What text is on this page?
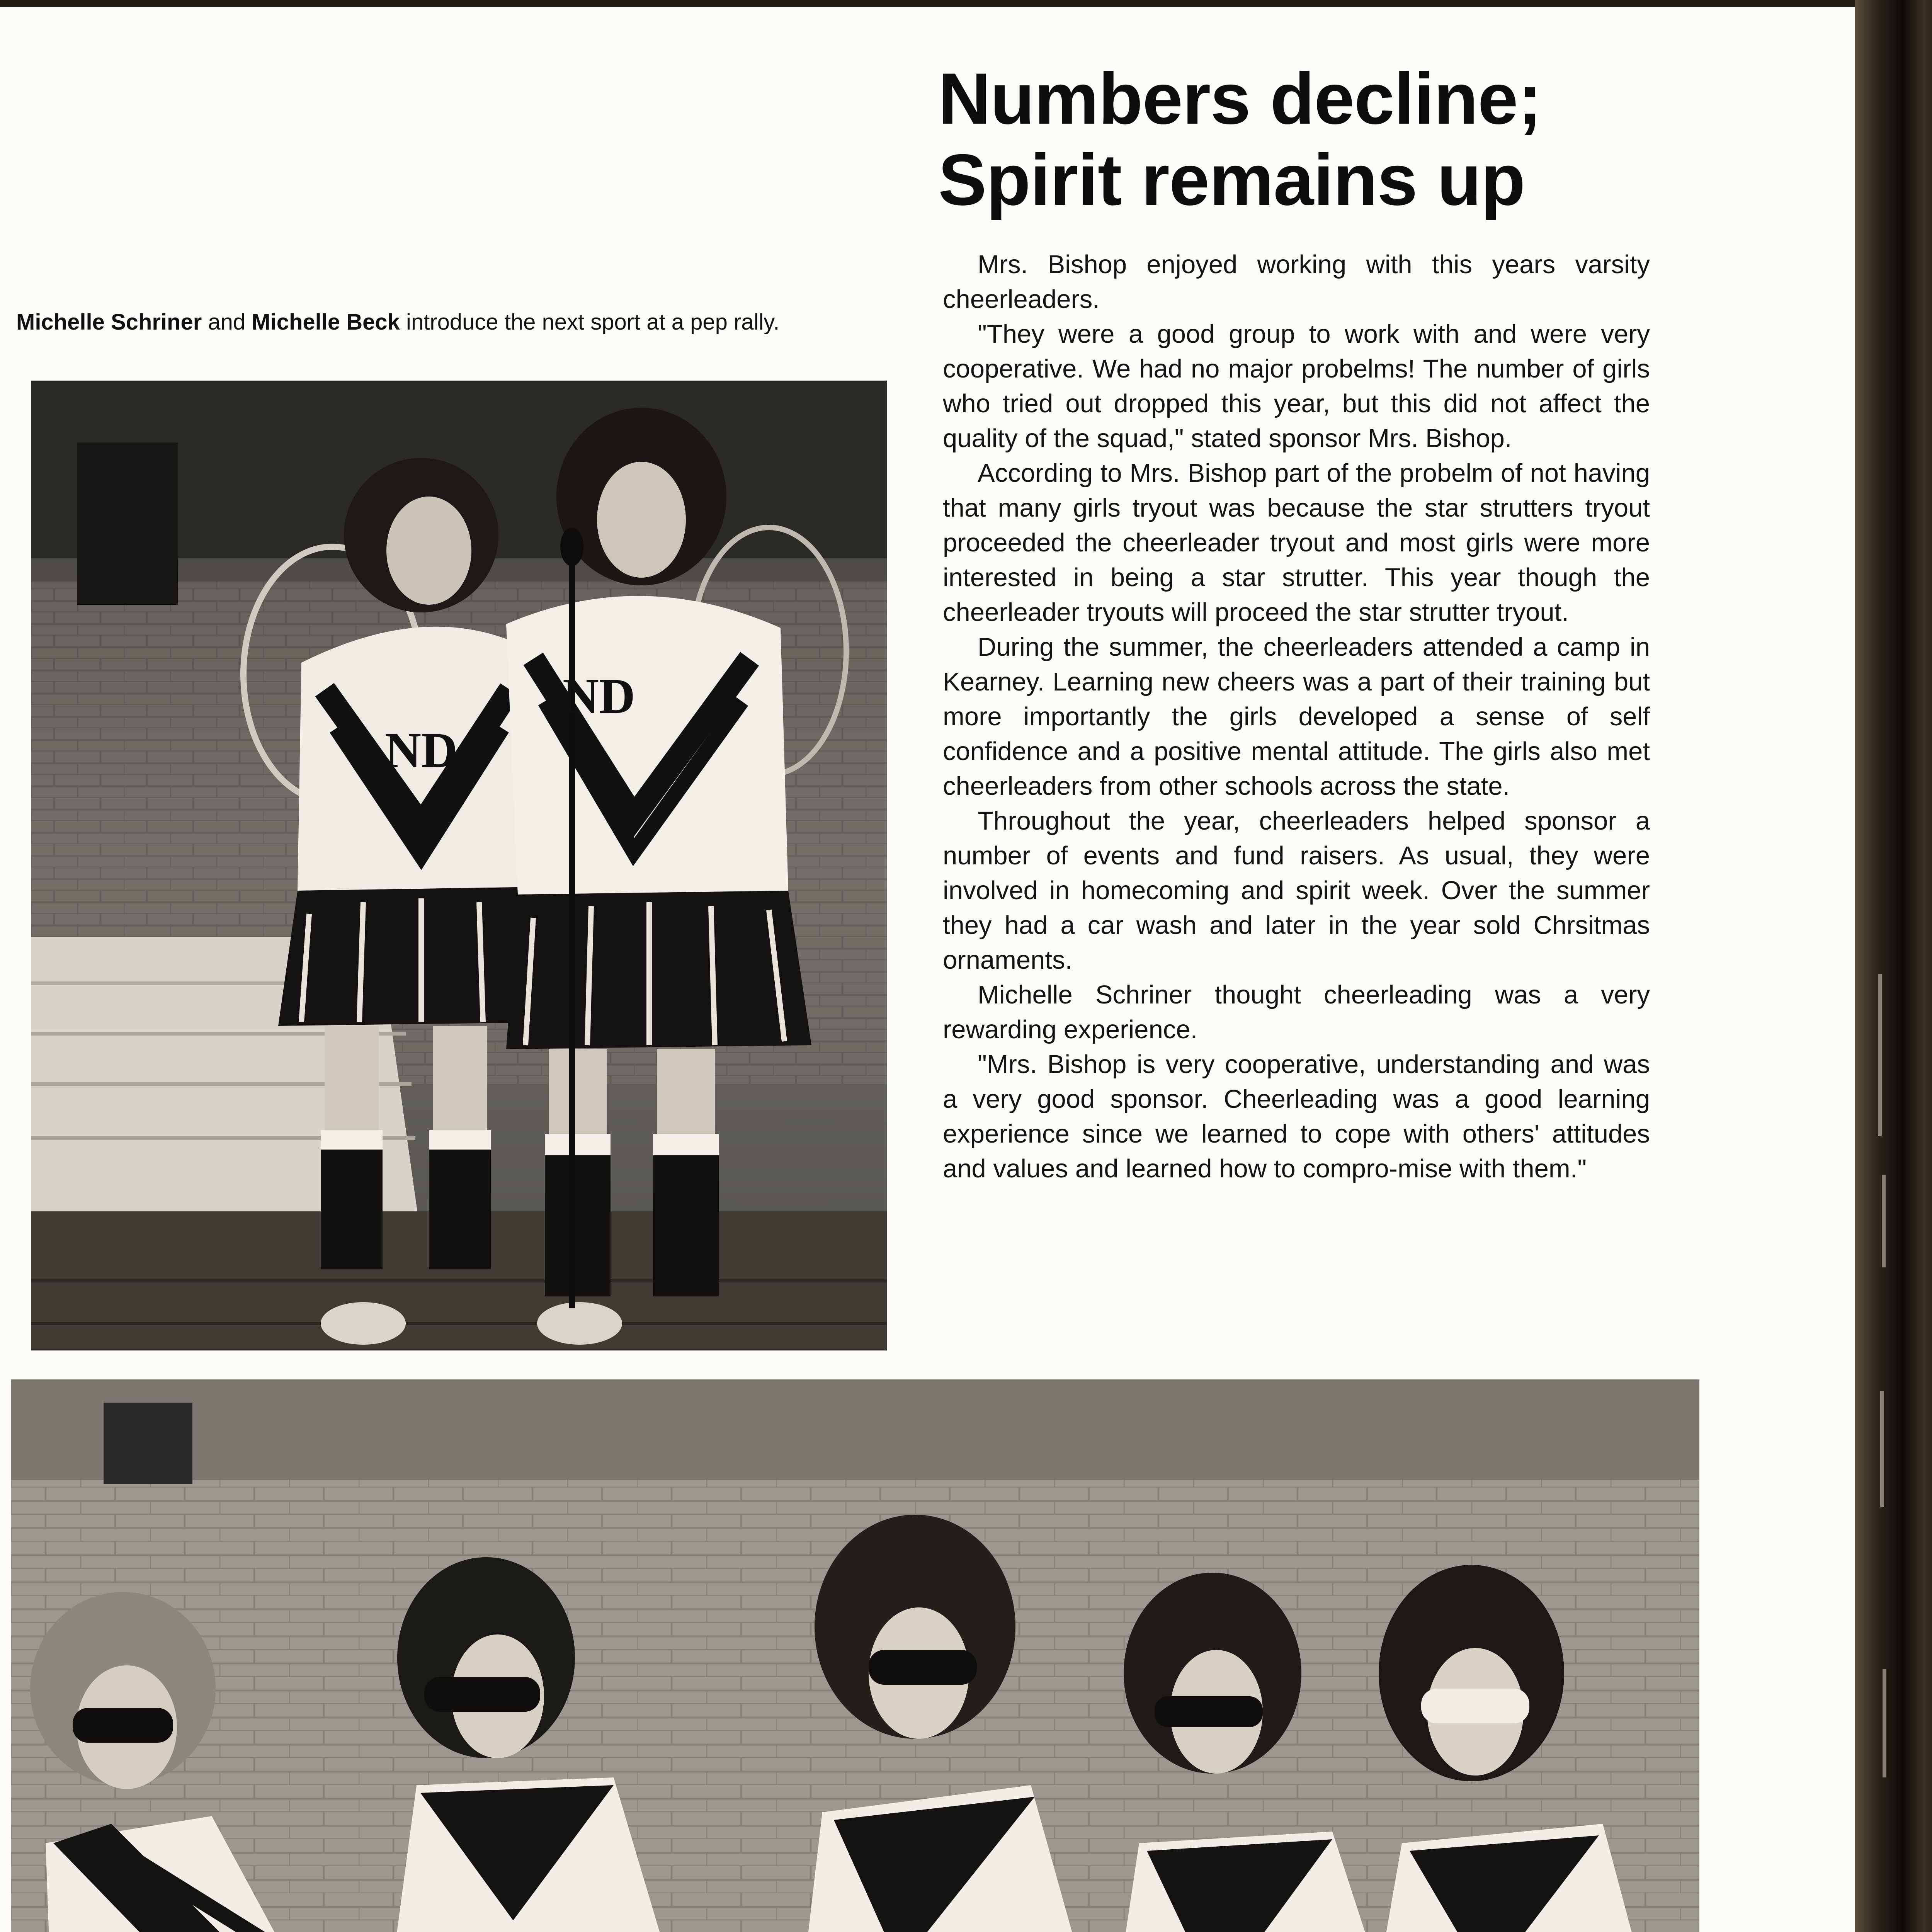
Michelle Schriner and Michelle Beck introduce the next sport at a pep rally.
ND
ND
Numbers decline;
Spirit remains up

Mrs. Bishop enjoyed working with this years varsity cheerleaders.

"They were a good group to work with and were very cooperative. We had no major probelms! The number of girls who tried out dropped this year, but this did not affect the quality of the squad," stated sponsor Mrs. Bishop.

According to Mrs. Bishop part of the probelm of not having that many girls tryout was because the star strutters tryout proceeded the cheerleader tryout and most girls were more interested in being a star strutter. This year though the cheerleader tryouts will proceed the star strutter tryout.

During the summer, the cheerleaders attended a camp in Kearney. Learning new cheers was a part of their training but more importantly the girls developed a sense of self confidence and a positive mental attitude. The girls also met cheerleaders from other schools across the state.

Throughout the year, cheerleaders helped sponsor a number of events and fund raisers. As usual, they were involved in homecoming and spirit week. Over the summer they had a car wash and later in the year sold Chrsitmas ornaments.

Michelle Schriner thought cheerleading was a very rewarding experience.

"Mrs. Bishop is very cooperative, understanding and was a very good sponsor. Cheerleading was a good learning experience since we learned to cope with others' attitudes and values and learned how to compro-mise with them."
